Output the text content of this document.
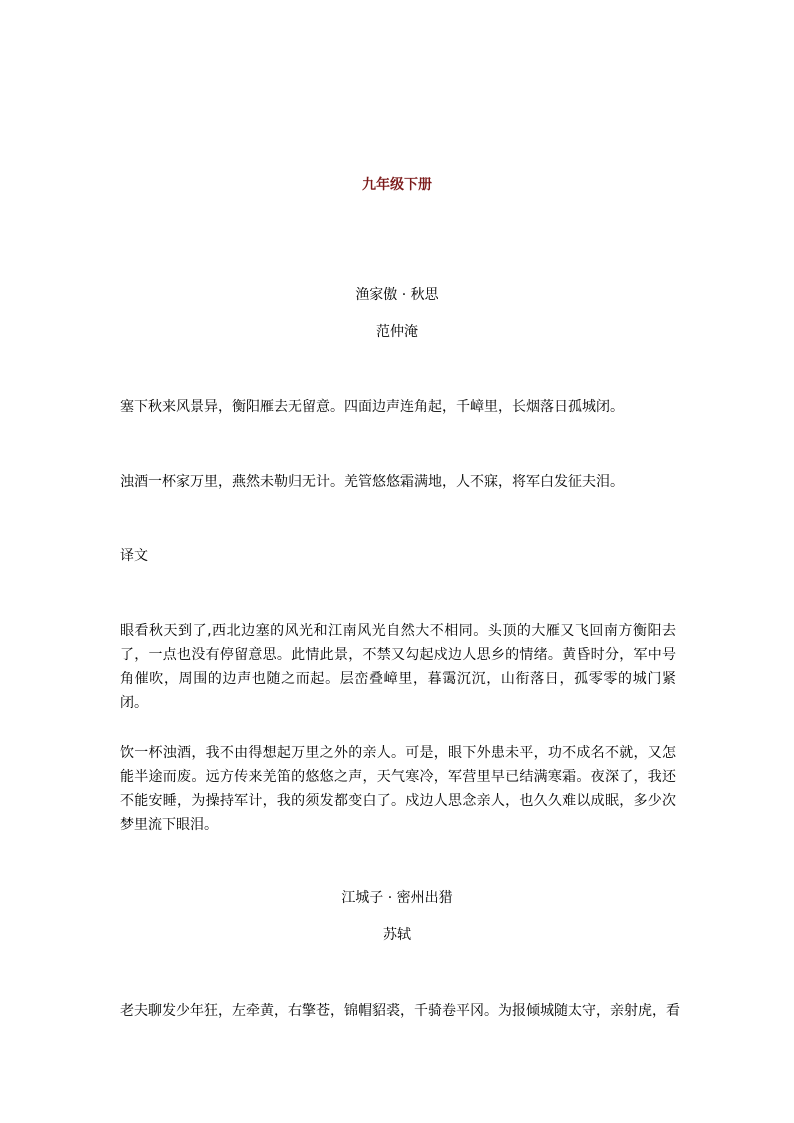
九年级下册
渔家傲 · 秋思
范仲淹
塞下秋来风景异，衡阳雁去无留意。四面边声连角起，千嶂里，长烟落日孤城闭。
浊酒一杯家万里，燕然未勒归无计。羌管悠悠霜满地，人不寐，将军白发征夫泪。
译文
眼看秋天到了,西北边塞的风光和江南风光自然大不相同。头顶的大雁又飞回南方衡阳去了，一点也没有停留意思。此情此景，不禁又勾起戍边人思乡的情绪。黄昏时分，军中号角催吹，周围的边声也随之而起。层峦叠嶂里，暮霭沉沉，山衔落日，孤零零的城门紧闭。
饮一杯浊酒，我不由得想起万里之外的亲人。可是，眼下外患未平，功不成名不就，又怎能半途而废。远方传来羌笛的悠悠之声，天气寒冷，军营里早已结满寒霜。夜深了，我还不能安睡，为操持军计，我的须发都变白了。戍边人思念亲人，也久久难以成眠，多少次梦里流下眼泪。
江城子 · 密州出猎
苏轼
老夫聊发少年狂，左牵黄，右擎苍，锦帽貂裘，千骑卷平冈。为报倾城随太守，亲射虎，看
